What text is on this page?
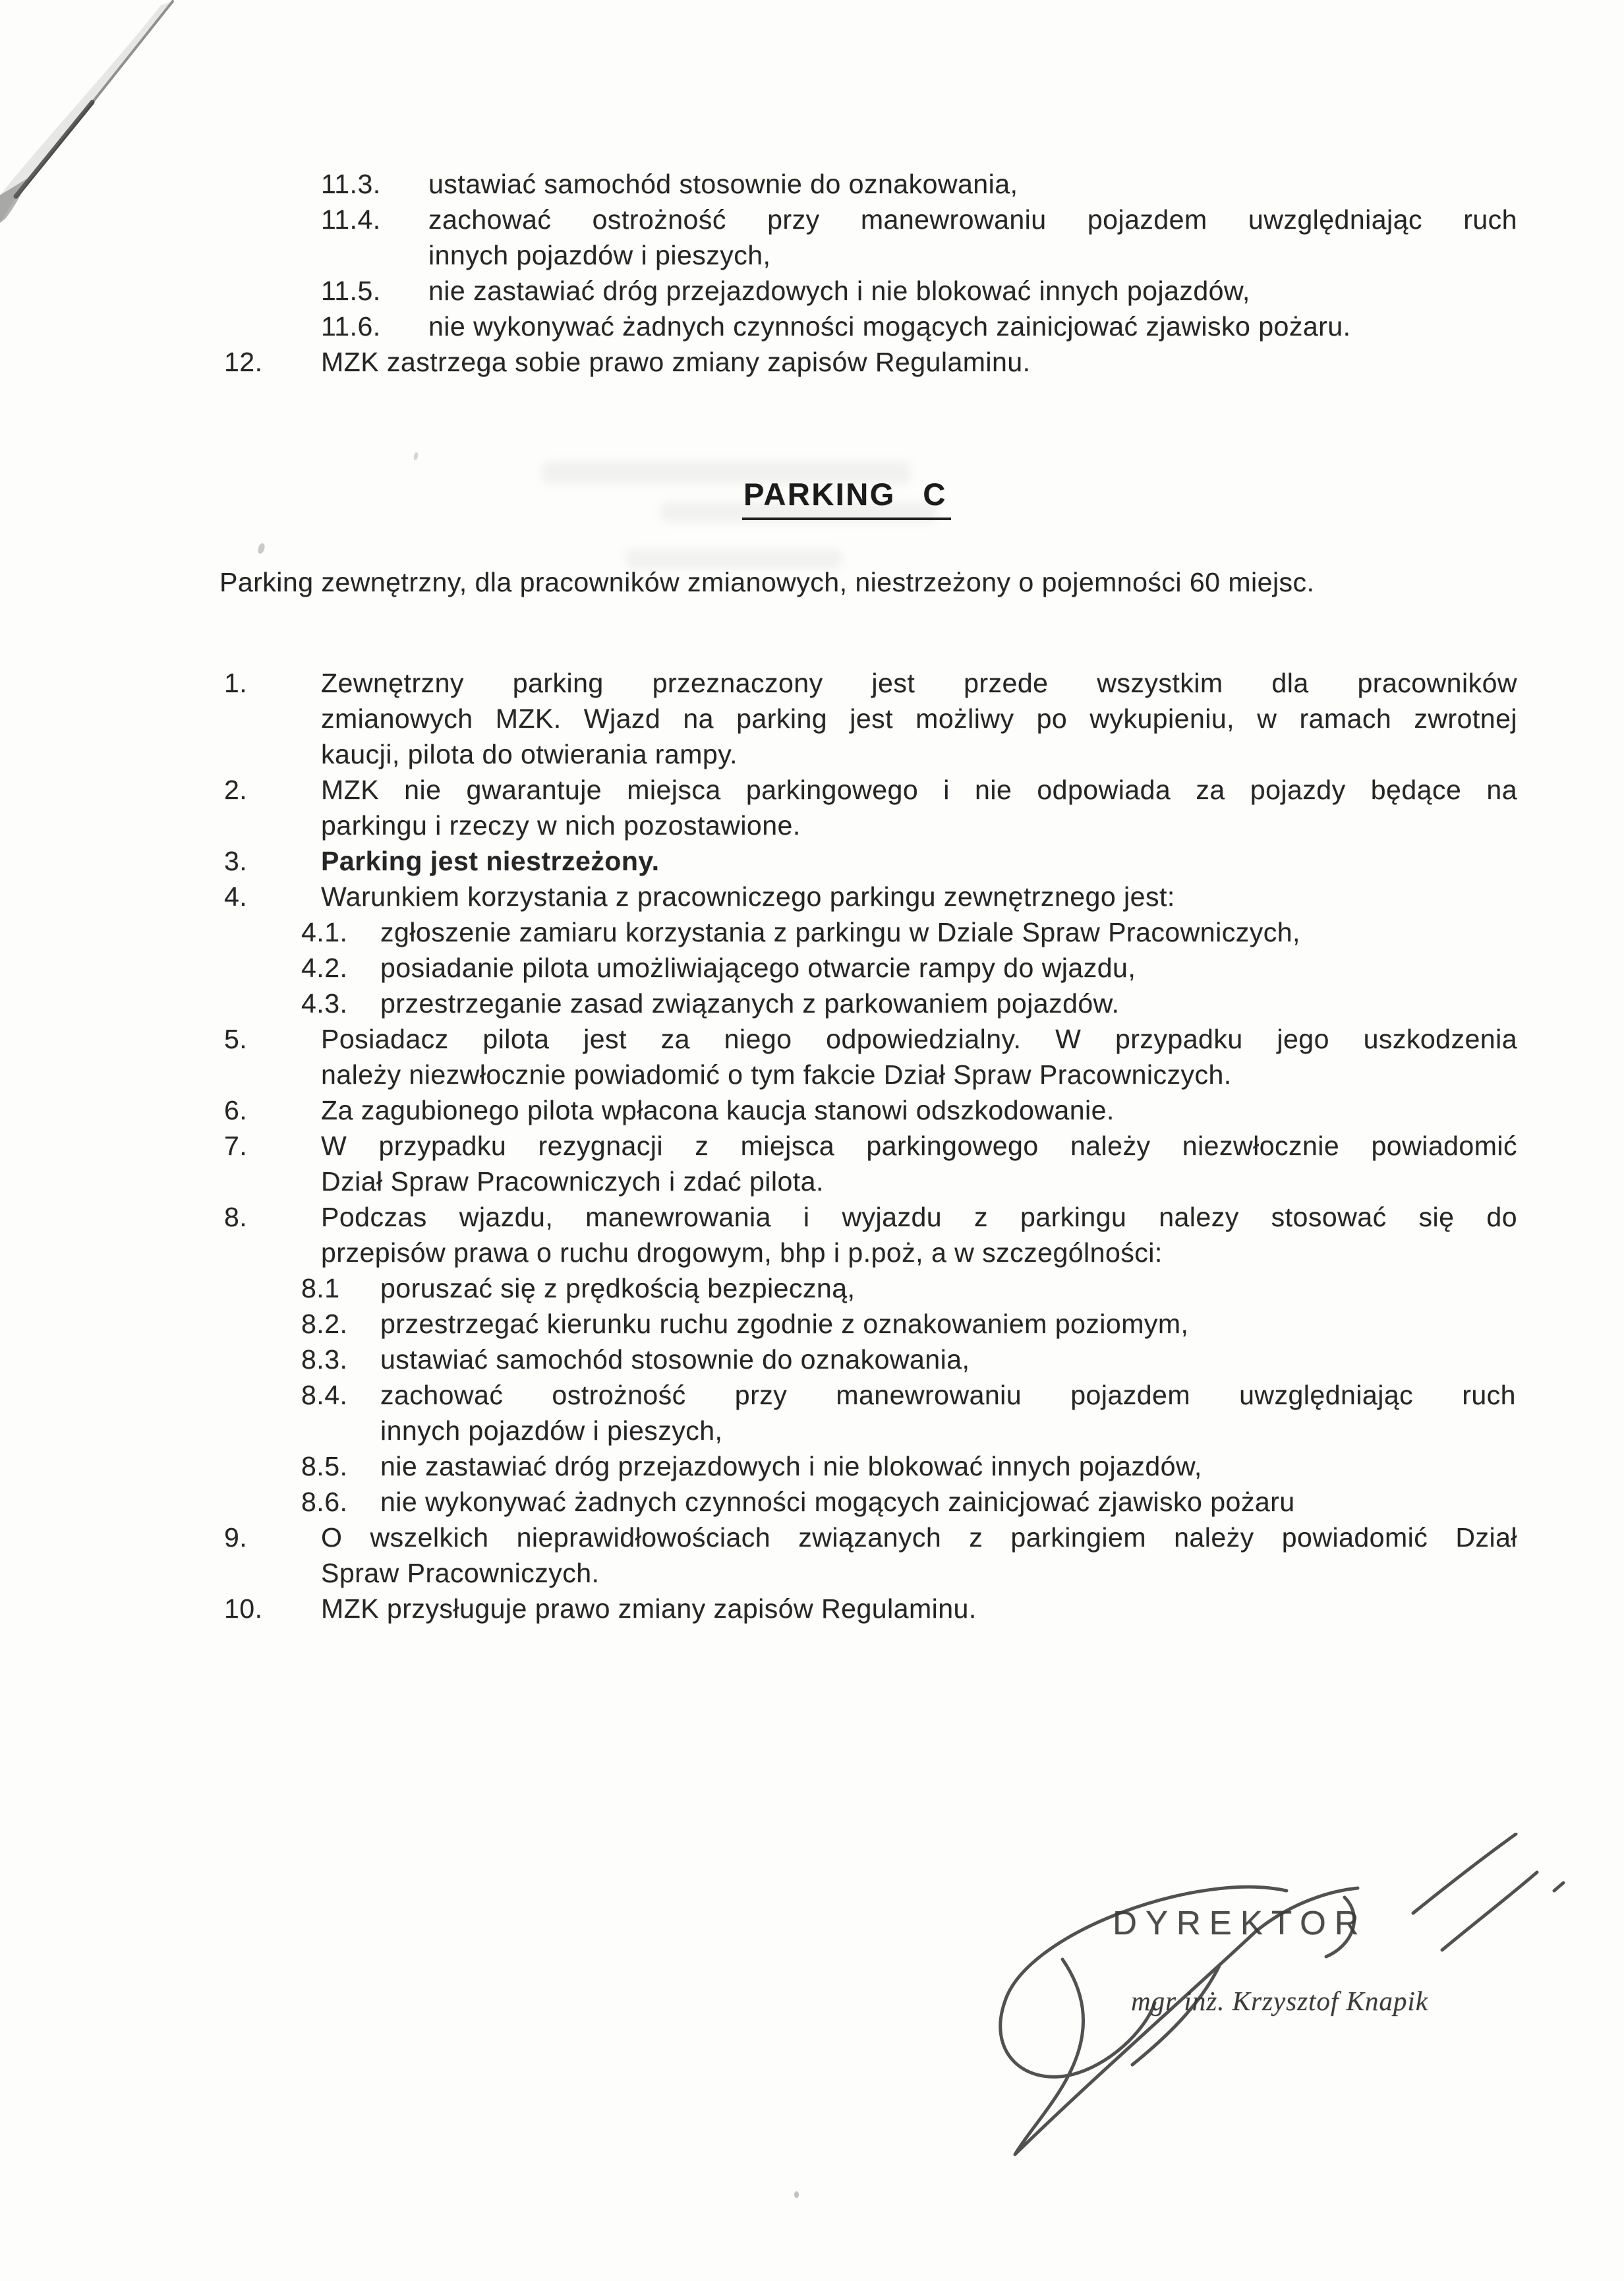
11.3. ustawiać samochód stosownie do oznakowania,
11.4. zachować ostrożność przy manewrowaniu pojazdem uwzględniając ruch
innych pojazdów i pieszych,
11.5. nie zastawiać dróg przejazdowych i nie blokować innych pojazdów,
11.6. nie wykonywać żadnych czynności mogących zainicjować zjawisko pożaru.
12. MZK zastrzega sobie prawo zmiany zapisów Regulaminu.
PARKING C

Parking zewnętrzny, dla pracowników zmianowych, niestrzeżony o pojemności 60 miejsc.

1.	Zewnętrzny parking przeznaczony jest przede wszystkim dla pracowników
zmianowych MZK. Wjazd na parking jest możliwy po wykupieniu, w ramach zwrotnej
kaucji, pilota do otwierania rampy.
2.	MZK nie gwarantuje miejsca parkingowego i nie odpowiada za pojazdy będące na
parkingu i rzeczy w nich pozostawione.
3.	Parking jest niestrzeżony.
4.	Warunkiem korzystania z pracowniczego parkingu zewnętrznego jest:
4.1. zgłoszenie zamiaru korzystania z parkingu w Dziale Spraw Pracowniczych,
4.2. posiadanie pilota umożliwiającego otwarcie rampy do wjazdu,
4.3. przestrzeganie zasad związanych z parkowaniem pojazdów.
5.	Posiadacz pilota jest za niego odpowiedzialny. W przypadku jego uszkodzenia
należy niezwłocznie powiadomić o tym fakcie Dział Spraw Pracowniczych.
6.	Za zagubionego pilota wpłacona kaucja stanowi odszkodowanie.
7.	W przypadku rezygnacji z miejsca parkingowego należy niezwłocznie powiadomić
Dział Spraw Pracowniczych i zdać pilota.
8.	Podczas wjazdu, manewrowania i wyjazdu z parkingu nalezy stosować się do
przepisów prawa o ruchu drogowym, bhp i p.poż, a w szczególności:
8.1 poruszać się z prędkością bezpieczną,
8.2. przestrzegać kierunku ruchu zgodnie z oznakowaniem poziomym,
8.3. ustawiać samochód stosownie do oznakowania,
8.4. zachować ostrożność przy manewrowaniu pojazdem uwzględniając ruch
innych pojazdów i pieszych,
8.5. nie zastawiać dróg przejazdowych i nie blokować innych pojazdów,
8.6. nie wykonywać żadnych czynności mogących zainicjować zjawisko pożaru
9.	O wszelkich nieprawidłowościach związanych z parkingiem należy powiadomić Dział
Spraw Pracowniczych.
10. MZK przysługuje prawo zmiany zapisów Regulaminu.
DYREKTOR
mgr inż. Krzysztof Knapik
